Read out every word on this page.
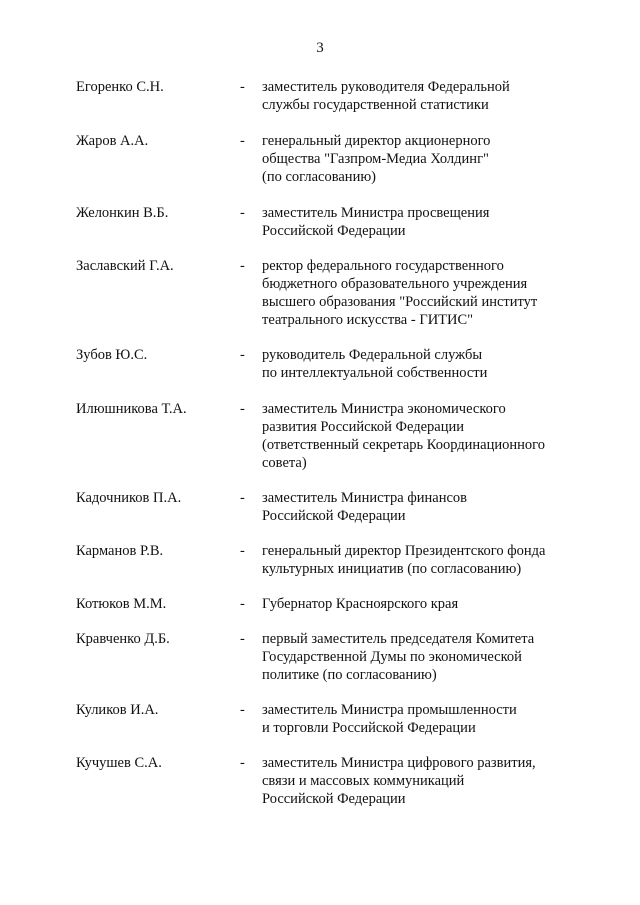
3
Егоренко С.Н.	-	заместитель руководителя Федеральной
службы государственной статистики
Жаров А.А.	-	генеральный директор акционерного
общества "Газпром-Медиа Холдинг"
(по согласованию)
Желонкин В.Б.	-	заместитель Министра просвещения
Российской Федерации
Заславский Г.А.	-	ректор федерального государственного
бюджетного образовательного учреждения
высшего образования "Российский институт
театрального искусства - ГИТИС"
Зубов Ю.С.	-	руководитель Федеральной службы
по интеллектуальной собственности
Илюшникова Т.А.	-	заместитель Министра экономического
развития Российской Федерации
(ответственный секретарь Координационного
совета)
Кадочников П.А.	-	заместитель Министра финансов
Российской Федерации
Карманов Р.В.	-	генеральный директор Президентского фонда
культурных инициатив (по согласованию)
Котюков М.М.	-	Губернатор Красноярского края
Кравченко Д.Б.	-	первый заместитель председателя Комитета
Государственной Думы по экономической
политике (по согласованию)
Куликов И.А.	-	заместитель Министра промышленности
и торговли Российской Федерации
Кучушев С.А.	-	заместитель Министра цифрового развития,
связи и массовых коммуникаций
Российской Федерации
